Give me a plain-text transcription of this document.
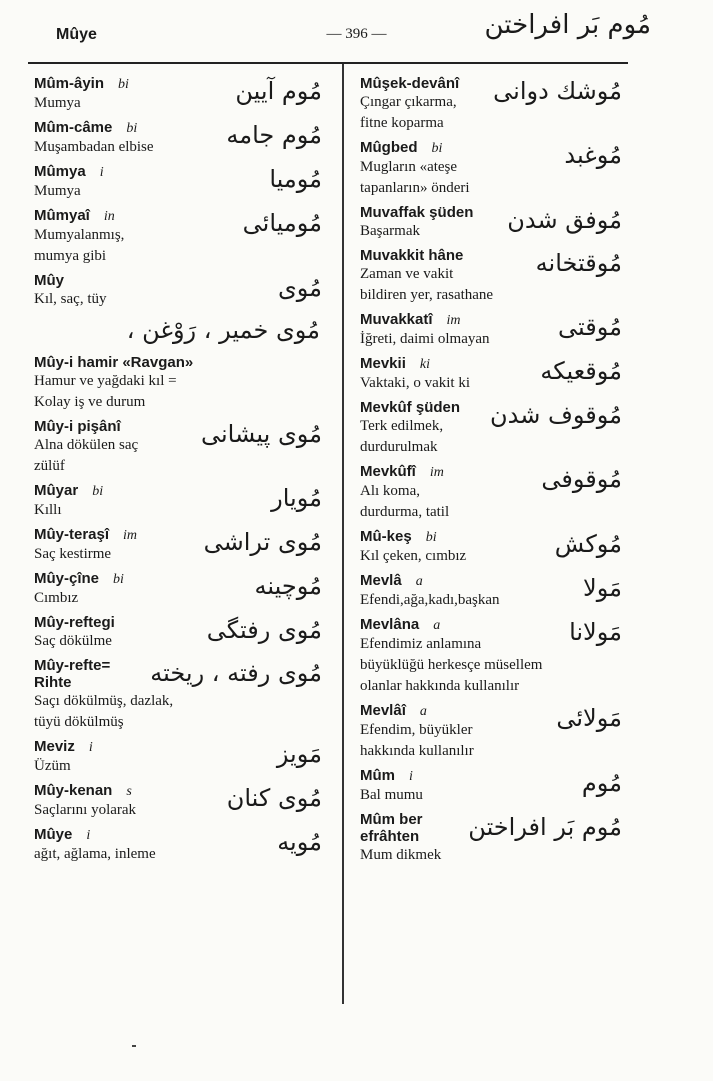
Mûye	— 396 —	مُوم بَر افراختن
Mûm-âyin bi
Mumya	مُوم آیین
Mûm-câme bi
Muşambadan elbise	مُوم جامه
Mûmya i
Mumya	مُومیا
Mûmyaî in
Mumyalanmış,
mumya gibi
مُومیائی
Mûy
Kıl, saç, tüy	مُوی
مُوی خمیر ، رَوْغن ،
Mûy-i hamir «Ravgan»
Hamur ve yağdaki kıl =
Kolay iş ve durum
Mûy-i pişânî
Alna dökülen saç
zülüf
مُوی پیشانی
Mûyar bi
Kıllı	مُویار
Mûy-teraşî im
Saç kestirme	مُوی تراشی
Mûy-çîne bi
Cımbız	مُوچینه
Mûy-reftegi
Saç dökülme	مُوی رفتگی
Mûy-refte=
Rihte
Saçı dökülmüş, dazlak,
tüyü dökülmüş
مُوی رفته ، ریخته
Meviz i
Üzüm	مَویز
Mûy-kenan s
Saçlarını yolarak	مُوی کنان
Mûye i
ağıt, ağlama, inleme	مُویه
Mûşek-devânî
Çıngar çıkarma,
fitne koparma
مُوشك دوانی
Mûgbed bi
Mugların «ateşe
tapanların» önderi
مُوغبد
Muvaffak şüden
Başarmak	مُوفق شدن
Muvakkit hâne
Zaman ve vakit
bildiren yer, rasathane
مُوقتخانه
Muvakkatî im
İğreti, daimi olmayan	مُوقتی
Mevkii ki
Vaktaki, o vakit ki	مُوقعیکه
Mevkûf şüden
Terk edilmek,
durdurulmak
مُوقوف شدن
Mevkûfî im
Alı koma,
durdurma, tatil
مُوقوفی
Mû-keş bi
Kıl çeken, cımbız	مُوکش
Mevlâ a
Efendi,ağa,kadı,başkan	مَولا
Mevlâna a
Efendimiz anlamına
büyüklüğü herkesçe müsellem
olanlar hakkında kullanılır
مَولانا
Mevlâî a
Efendim, büyükler
hakkında kullanılır
مَولائی
Mûm i
Bal mumu	مُوم
Mûm ber
efrâhten
Mum dikmek
مُوم بَر افراختن
